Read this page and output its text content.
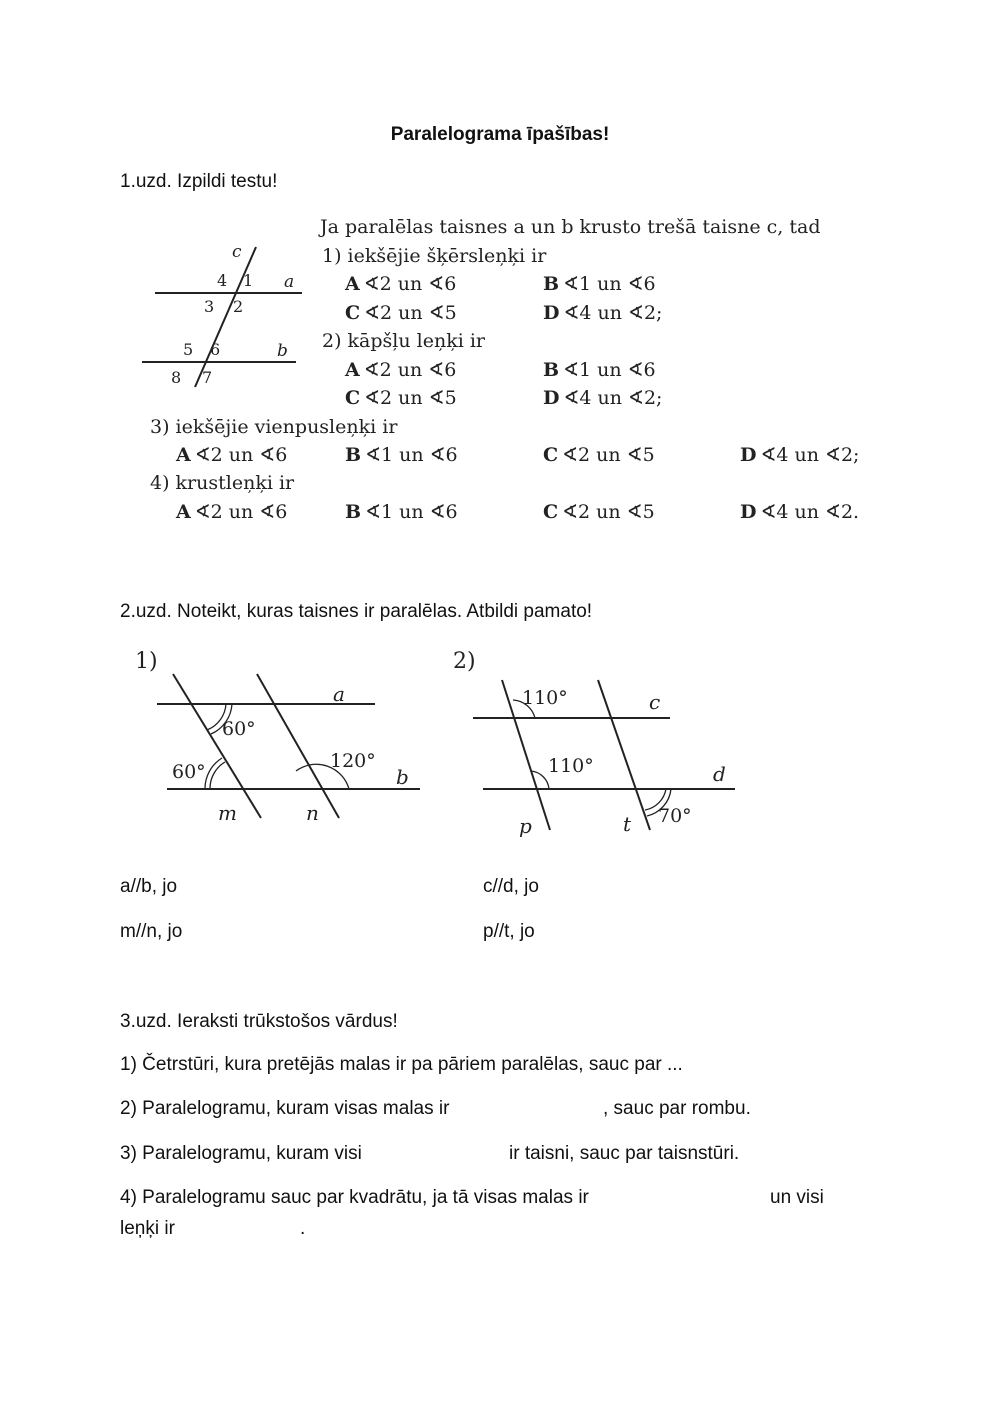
Paralelograma īpašības!
1.uzd. Izpildi testu!
c
a
b
1
2
3
4
5 6
7
8
Ja paralēlas taisnes a un b krusto trešā taisne c, tad
1) iekšējie šķērsleņķi ir
A ∢2 un ∢6	B ∢1 un ∢6
C ∢2 un ∢5	D ∢4 un ∢2;
2) kāpšļu leņķi ir
A ∢2 un ∢6	B ∢1 un ∢6
C ∢2 un ∢5	D ∢4 un ∢2;
3) iekšējie vienpusleņķi ir
A ∢2 un ∢6	B ∢1 un ∢6	C ∢2 un ∢5	D ∢4 un ∢2;
4) krustleņķi ir
A ∢2 un ∢6	B ∢1 un ∢6	C ∢2 un ∢5	D ∢4 un ∢2.
2.uzd. Noteikt, kuras taisnes ir paralēlas. Atbildi pamato!
1)
a
b
m	n
60°
60°	120°
2)
110°
110°
70°
c
d
p	t
a//b, jo	c//d, jo
m//n, jo	p//t, jo
3.uzd. Ieraksti trūkstošos vārdus!
1) Četrstūri, kura pretējās malas ir pa pāriem paralēlas, sauc par ...
2) Paralelogramu, kuram visas malas ir	, sauc par rombu.
3) Paralelogramu, kuram visi	ir taisni, sauc par taisnstūri.
4) Paralelogramu sauc par kvadrātu, ja tā visas malas ir	un visi
leņķi ir	.
